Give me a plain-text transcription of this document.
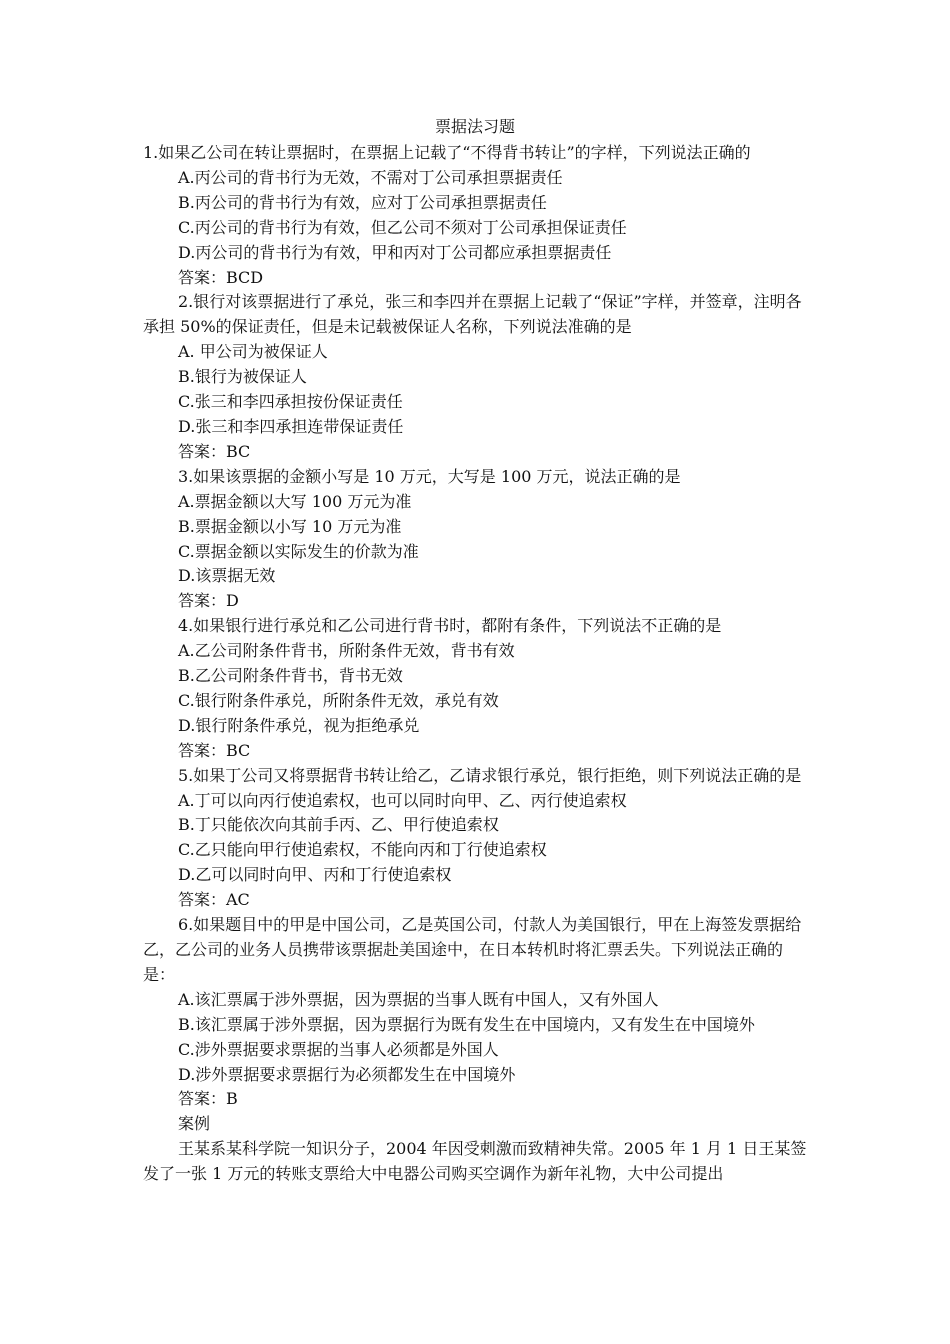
票据法习题

1.如果乙公司在转让票据时，在票据上记载了“不得背书转让”的字样，下列说法正确的

A.丙公司的背书行为无效，不需对丁公司承担票据责任

B.丙公司的背书行为有效，应对丁公司承担票据责任

C.丙公司的背书行为有效，但乙公司不须对丁公司承担保证责任

D.丙公司的背书行为有效，甲和丙对丁公司都应承担票据责任

答案：BCD

2.银行对该票据进行了承兑，张三和李四并在票据上记载了“保证”字样，并签章，注明各承担 50%的保证责任，但是未记载被保证人名称，下列说法准确的是

A. 甲公司为被保证人

B.银行为被保证人

C.张三和李四承担按份保证责任

D.张三和李四承担连带保证责任

答案：BC

3.如果该票据的金额小写是 10 万元，大写是 100 万元，说法正确的是

A.票据金额以大写 100 万元为准

B.票据金额以小写 10 万元为准

C.票据金额以实际发生的价款为准

D.该票据无效

答案：D

4.如果银行进行承兑和乙公司进行背书时，都附有条件，下列说法不正确的是

A.乙公司附条件背书，所附条件无效，背书有效

B.乙公司附条件背书，背书无效

C.银行附条件承兑，所附条件无效，承兑有效

D.银行附条件承兑，视为拒绝承兑

答案：BC

5.如果丁公司又将票据背书转让给乙，乙请求银行承兑，银行拒绝，则下列说法正确的是

A.丁可以向丙行使追索权，也可以同时向甲、乙、丙行使追索权

B.丁只能依次向其前手丙、乙、甲行使追索权

C.乙只能向甲行使追索权，不能向丙和丁行使追索权

D.乙可以同时向甲、丙和丁行使追索权

答案：AC

6.如果题目中的甲是中国公司，乙是英国公司，付款人为美国银行，甲在上海签发票据给乙，乙公司的业务人员携带该票据赴美国途中，在日本转机时将汇票丢失。下列说法正确的是：

A.该汇票属于涉外票据，因为票据的当事人既有中国人，又有外国人

B.该汇票属于涉外票据，因为票据行为既有发生在中国境内，又有发生在中国境外

C.涉外票据要求票据的当事人必须都是外国人

D.涉外票据要求票据行为必须都发生在中国境外

答案：B

案例

王某系某科学院一知识分子，2004 年因受刺激而致精神失常。2005 年 1 月 1 日王某签发了一张 1 万元的转账支票给大中电器公司购买空调作为新年礼物，大中公司提出
